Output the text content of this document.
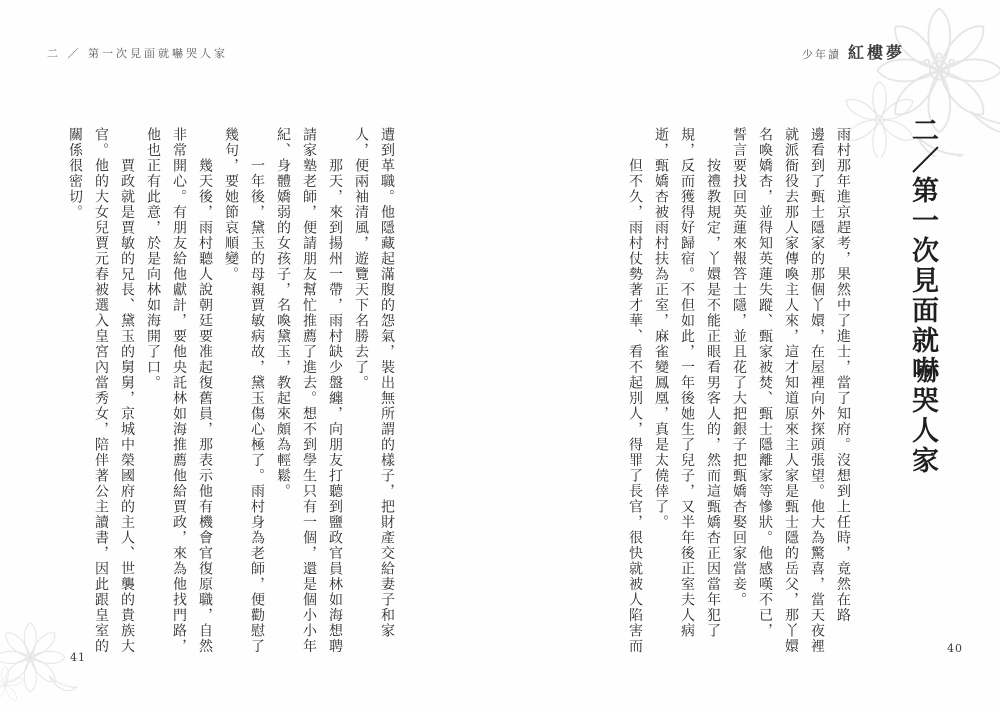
二 ／ 第一次見面就嚇哭人家	少年讀 紅樓夢
二／第一次見面就嚇哭人家

雨村那年進京趕考，果然中了進士，當了知府。沒想到上任時，竟然在路

邊看到了甄士隱家的那個丫嬛，在屋裡向外探頭張望。他大為驚喜，當天夜裡

就派衙役去那人家傳喚主人來，這才知道原來主人家是甄士隱的岳父，那丫嬛

名喚嬌杏，並得知英蓮失蹤、甄家被焚、甄士隱離家等慘狀。他感嘆不已，

誓言要找回英蓮來報答士隱，並且花了大把銀子把甄嬌杏娶回家當妾。

按禮教規定，丫嬛是不能正眼看男客人的，然而這甄嬌杏正因當年犯了

規，反而獲得好歸宿。不但如此，一年後她生了兒子，又半年後正室夫人病

逝，甄嬌杏被雨村扶為正室，麻雀變鳳凰，真是太僥倖了。

但不久，雨村仗勢著才華、看不起別人，得罪了長官，很快就被人陷害而	40

遭到革職。他隱藏起滿腹的怨氣，裝出無所謂的樣子，把財產交給妻子和家

人，便兩袖清風，遊覽天下名勝去了。

那天，來到揚州一帶，雨村缺少盤纏，向朋友打聽到鹽政官員林如海想聘

請家塾老師，便請朋友幫忙推薦了進去。想不到學生只有一個，還是個小小年

紀、身體嬌弱的女孩子，名喚黛玉，教起來頗為輕鬆。

一年後，黛玉的母親賈敏病故，黛玉傷心極了。雨村身為老師，便勸慰了

幾句，要她節哀順變。

幾天後，雨村聽人說朝廷要准起復舊員，那表示他有機會官復原職，自然

非常開心。有朋友給他獻計，要他央託林如海推薦他給賈政，來為他找門路，

他也正有此意，於是向林如海開了口。

賈政就是賈敏的兄長、黛玉的舅舅，京城中榮國府的主人、世襲的貴族大

官。他的大女兒賈元春被選入皇宮內當秀女，陪伴著公主讀書，因此跟皇室的

關係很密切。

41
